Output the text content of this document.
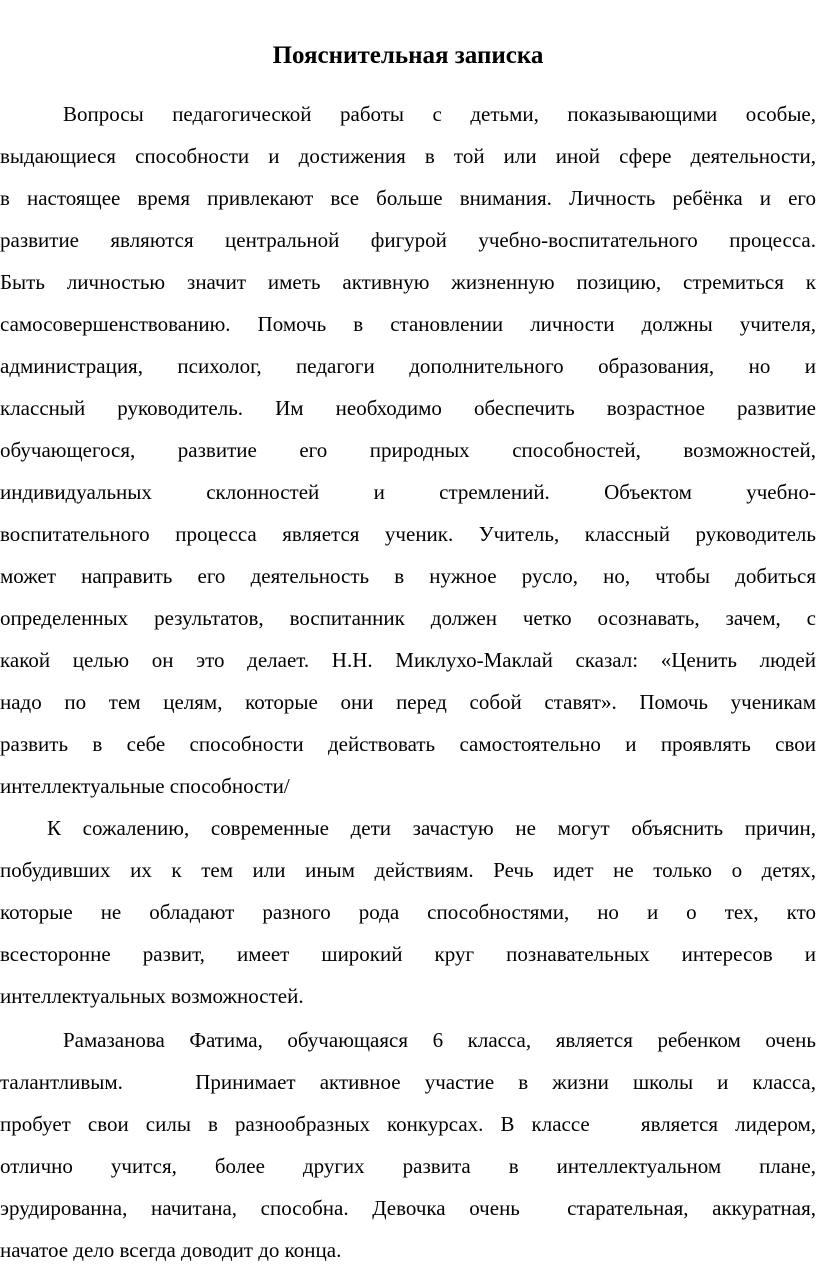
Пояснительная записка
Вопросы педагогической работы с детьми, показывающими особые,
выдающиеся способности и достижения в той или иной сфере деятельности,
в настоящее время привлекают все больше внимания. Личность ребёнка и его
развитие являются центральной фигурой учебно-воспитательного процесса.
Быть личностью значит иметь активную жизненную позицию, стремиться к
самосовершенствованию. Помочь в становлении личности должны учителя,
администрация, психолог, педагоги дополнительного образования, но и
классный руководитель. Им необходимо обеспечить возрастное развитие
обучающегося, развитие его природных способностей, возможностей,
индивидуальных склонностей и стремлений. Объектом учебно-
воспитательного процесса является ученик. Учитель, классный руководитель
может направить его деятельность в нужное русло, но, чтобы добиться
определенных результатов, воспитанник должен четко осознавать, зачем, с
какой целью он это делает. Н.Н. Миклухо-Маклай сказал: «Ценить людей
надо по тем целям, которые они перед собой ставят». Помочь ученикам
развить в себе способности действовать самостоятельно и проявлять свои
интеллектуальные способности/
К сожалению, современные дети зачастую не могут объяснить причин,
побудивших их к тем или иным действиям. Речь идет не только о детях,
которые не обладают разного рода способностями, но и о тех, кто
всесторонне развит, имеет широкий круг познавательных интересов и
интеллектуальных возможностей.
Рамазанова Фатима, обучающаяся 6 класса, является ребенком очень
талантливым.   Принимает активное участие в жизни школы и класса,
пробует свои силы в разнообразных конкурсах. В классе   является лидером,
отлично учится, более других развита в интеллектуальном плане,
эрудированна, начитана, способна. Девочка очень  старательная, аккуратная,
начатое дело всегда доводит до конца.
